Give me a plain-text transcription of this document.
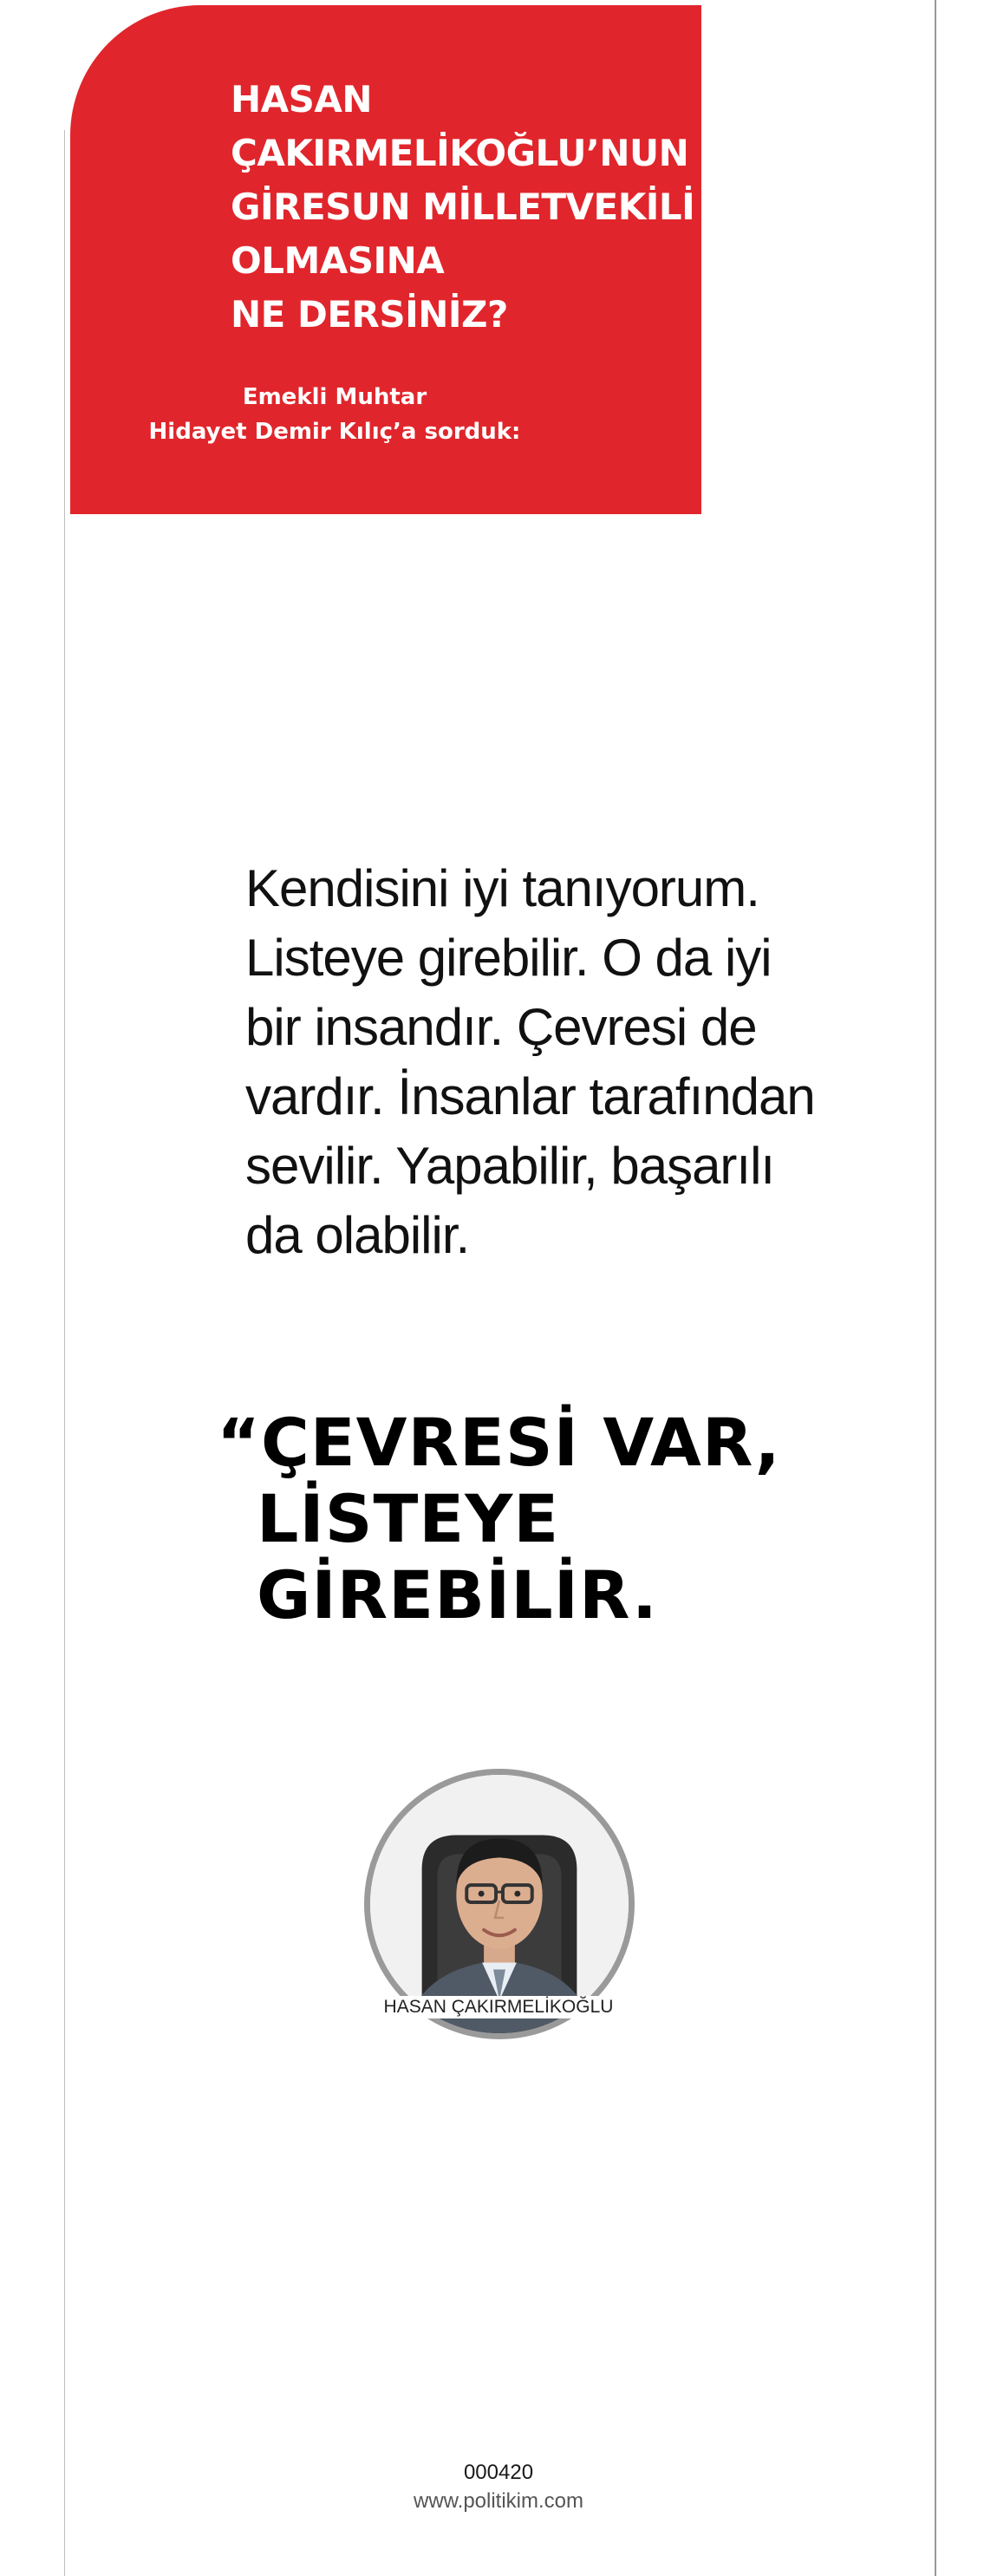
HASAN
ÇAKIRMELİKOĞLU’NUN
GİRESUN MİLLETVEKİLİ
OLMASINA
NE DERSİNİZ?
Emekli Muhtar
Hidayet Demir Kılıç’a sorduk:

Kendisini iyi tanıyorum.
Listeye girebilir. O da iyi
bir insandır. Çevresi de
vardır. İnsanlar tarafından
sevilir. Yapabilir, başarılı
da olabilir.

“ÇEVRESİ VAR,
LİSTEYE
GİREBİLİR.
HASAN ÇAKIRMELİKOĞLU
000420
www.politikim.com
